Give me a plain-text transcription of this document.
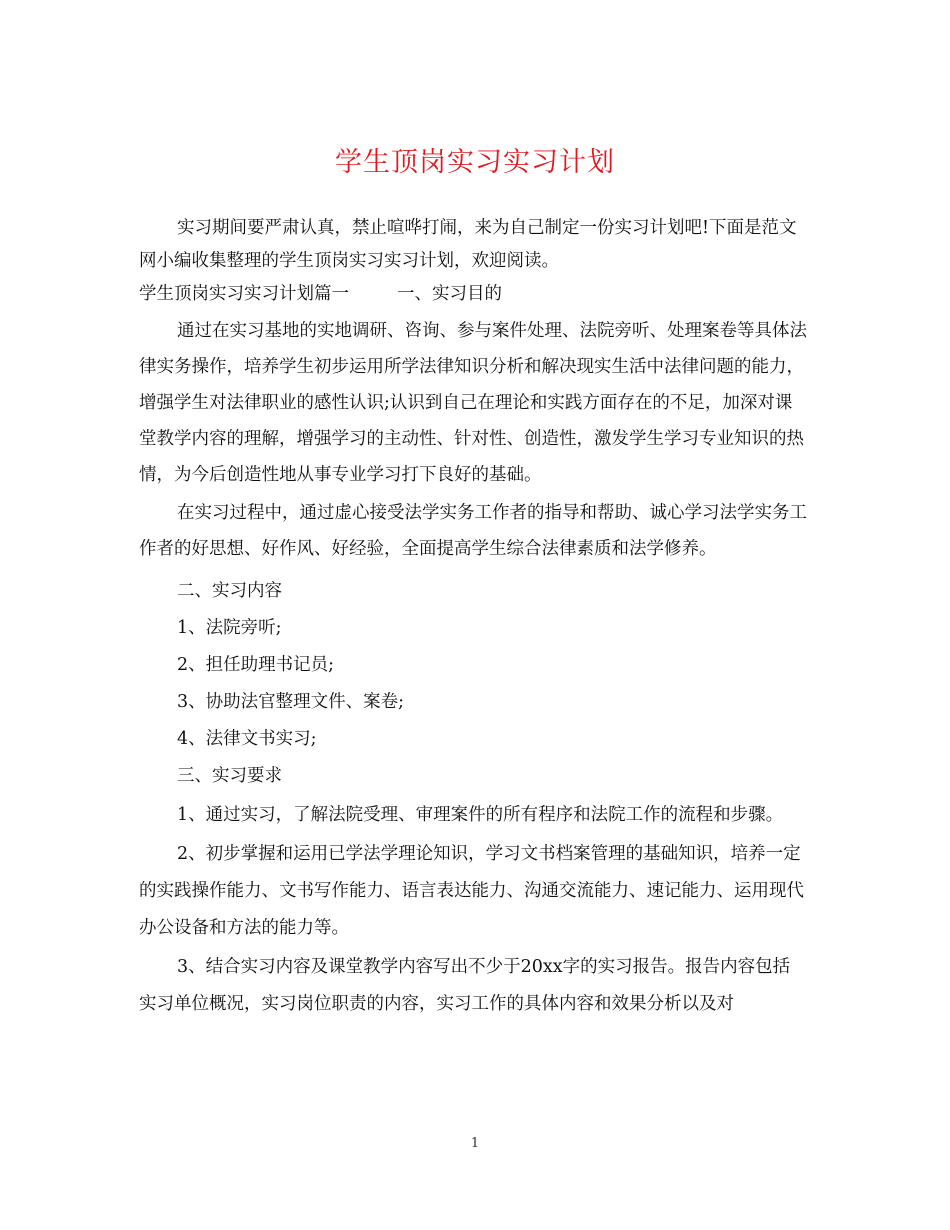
学生顶岗实习实习计划

实习期间要严肃认真，禁止喧哗打闹，来为自己制定一份实习计划吧!下面是范文网小编收集整理的学生顶岗实习实习计划，欢迎阅读。

学生顶岗实习实习计划篇一	一、实习目的

通过在实习基地的实地调研、咨询、参与案件处理、法院旁听、处理案卷等具体法律实务操作，培养学生初步运用所学法律知识分析和解决现实生活中法律问题的能力，增强学生对法律职业的感性认识;认识到自己在理论和实践方面存在的不足，加深对课堂教学内容的理解，增强学习的主动性、针对性、创造性，激发学生学习专业知识的热情，为今后创造性地从事专业学习打下良好的基础。

在实习过程中，通过虚心接受法学实务工作者的指导和帮助、诚心学习法学实务工作者的好思想、好作风、好经验，全面提高学生综合法律素质和法学修养。

二、实习内容

1、法院旁听;

2、担任助理书记员;

3、协助法官整理文件、案卷;

4、法律文书实习;

三、实习要求

1、通过实习，了解法院受理、审理案件的所有程序和法院工作的流程和步骤。

2、初步掌握和运用已学法学理论知识，学习文书档案管理的基础知识，培养一定的实践操作能力、文书写作能力、语言表达能力、沟通交流能力、速记能力、运用现代办公设备和方法的能力等。

3、结合实习内容及课堂教学内容写出不少于20xx字的实习报告。报告内容包括实习单位概况，实习岗位职责的内容，实习工作的具体内容和效果分析以及对

1
